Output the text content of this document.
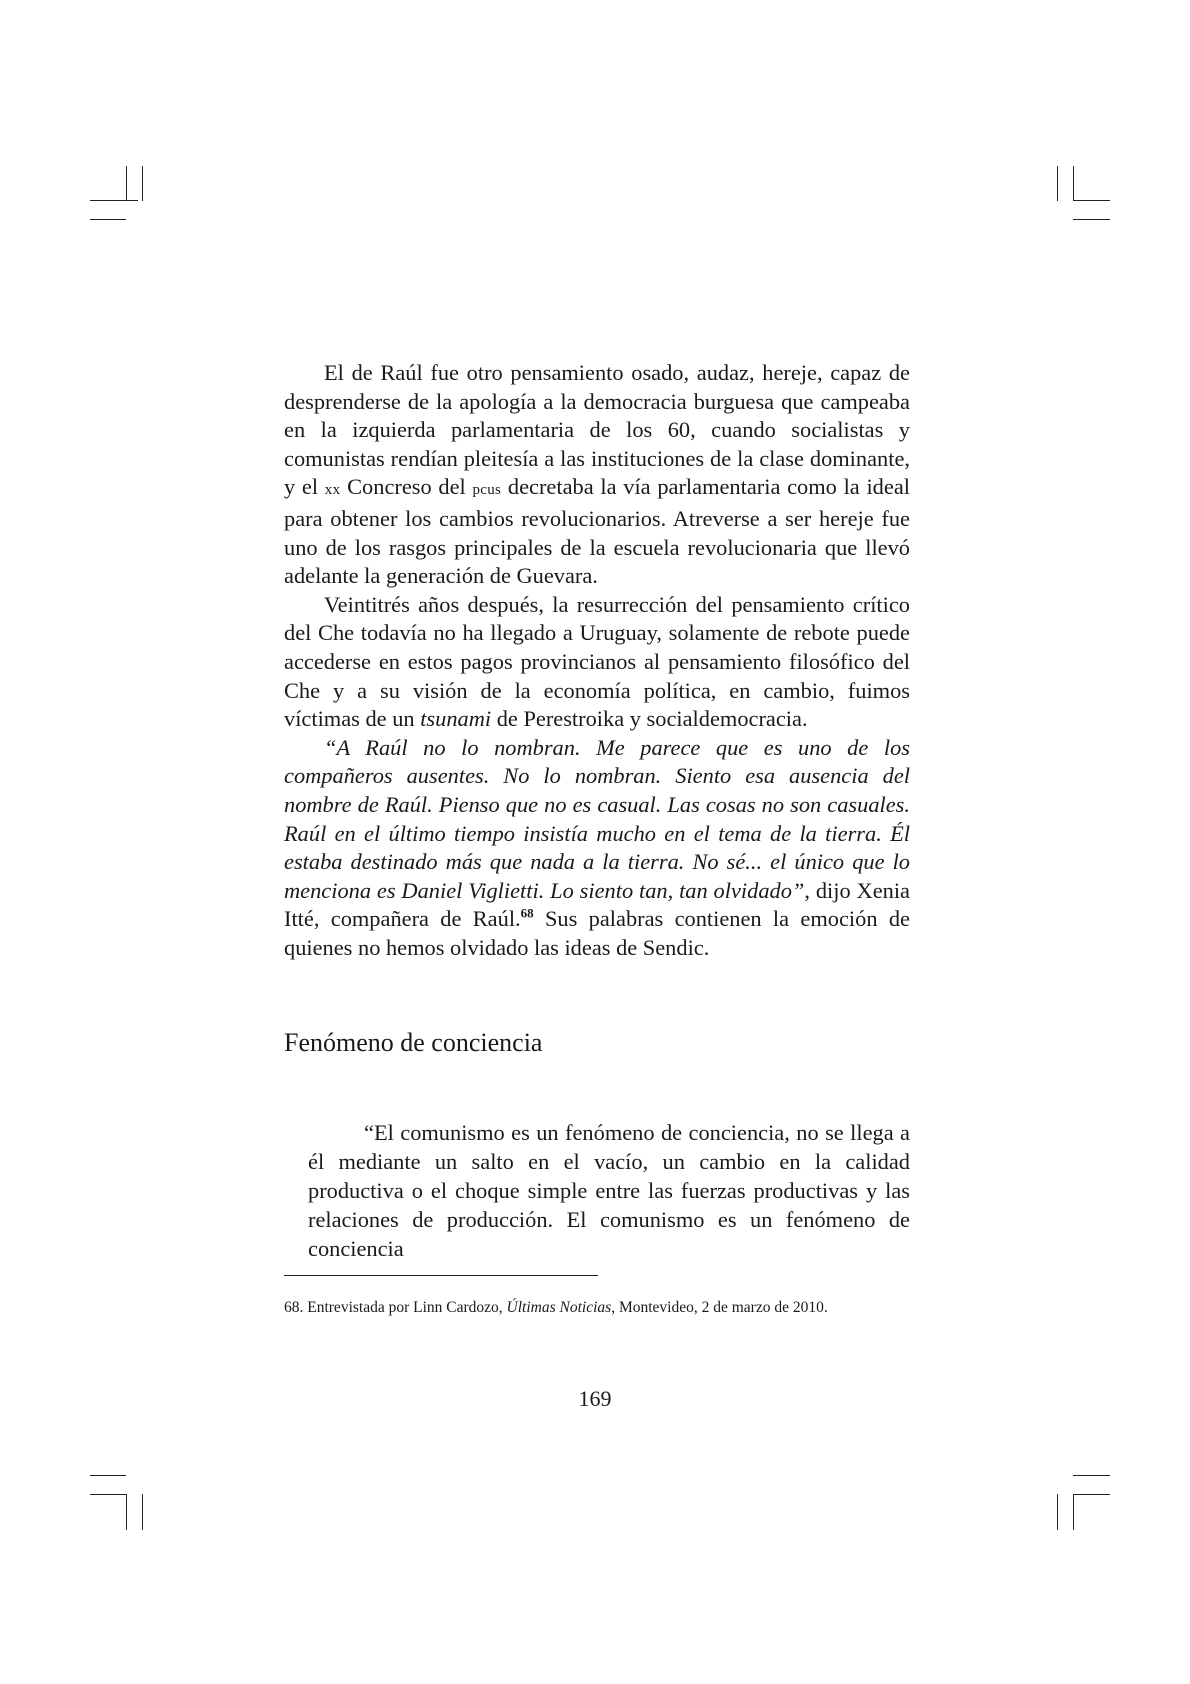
El de Raúl fue otro pensamiento osado, audaz, hereje, capaz de desprenderse de la apología a la democracia burguesa que campeaba en la izquierda parlamentaria de los 60, cuando socialistas y comunistas rendían pleitesía a las instituciones de la clase dominante, y el xx Concreso del pcus decretaba la vía parlamentaria como la ideal para obtener los cambios revolucionarios. Atreverse a ser hereje fue uno de los rasgos principales de la escuela revolucionaria que llevó adelante la generación de Guevara.

Veintitrés años después, la resurrección del pensamiento crítico del Che todavía no ha llegado a Uruguay, solamente de rebote puede accederse en estos pagos provincianos al pensamiento filosófico del Che y a su visión de la economía política, en cambio, fuimos víctimas de un tsunami de Perestroika y socialdemocracia.

“A Raúl no lo nombran. Me parece que es uno de los compañeros ausentes. No lo nombran. Siento esa ausencia del nombre de Raúl. Pienso que no es casual. Las cosas no son casuales. Raúl en el último tiempo insistía mucho en el tema de la tierra. Él estaba destinado más que nada a la tierra. No sé... el único que lo menciona es Daniel Viglietti. Lo siento tan, tan olvidado”, dijo Xenia Itté, compañera de Raúl.$^{68}$ Sus palabras contienen la emoción de quienes no hemos olvidado las ideas de Sendic.

Fenómeno de conciencia

“El comunismo es un fenómeno de conciencia, no se llega a él mediante un salto en el vacío, un cambio en la calidad productiva o el choque simple entre las fuerzas productivas y las relaciones de producción. El comunismo es un fenómeno de conciencia

68. Entrevistada por Linn Cardozo, Últimas Noticias, Montevideo, 2 de marzo de 2010.
169
